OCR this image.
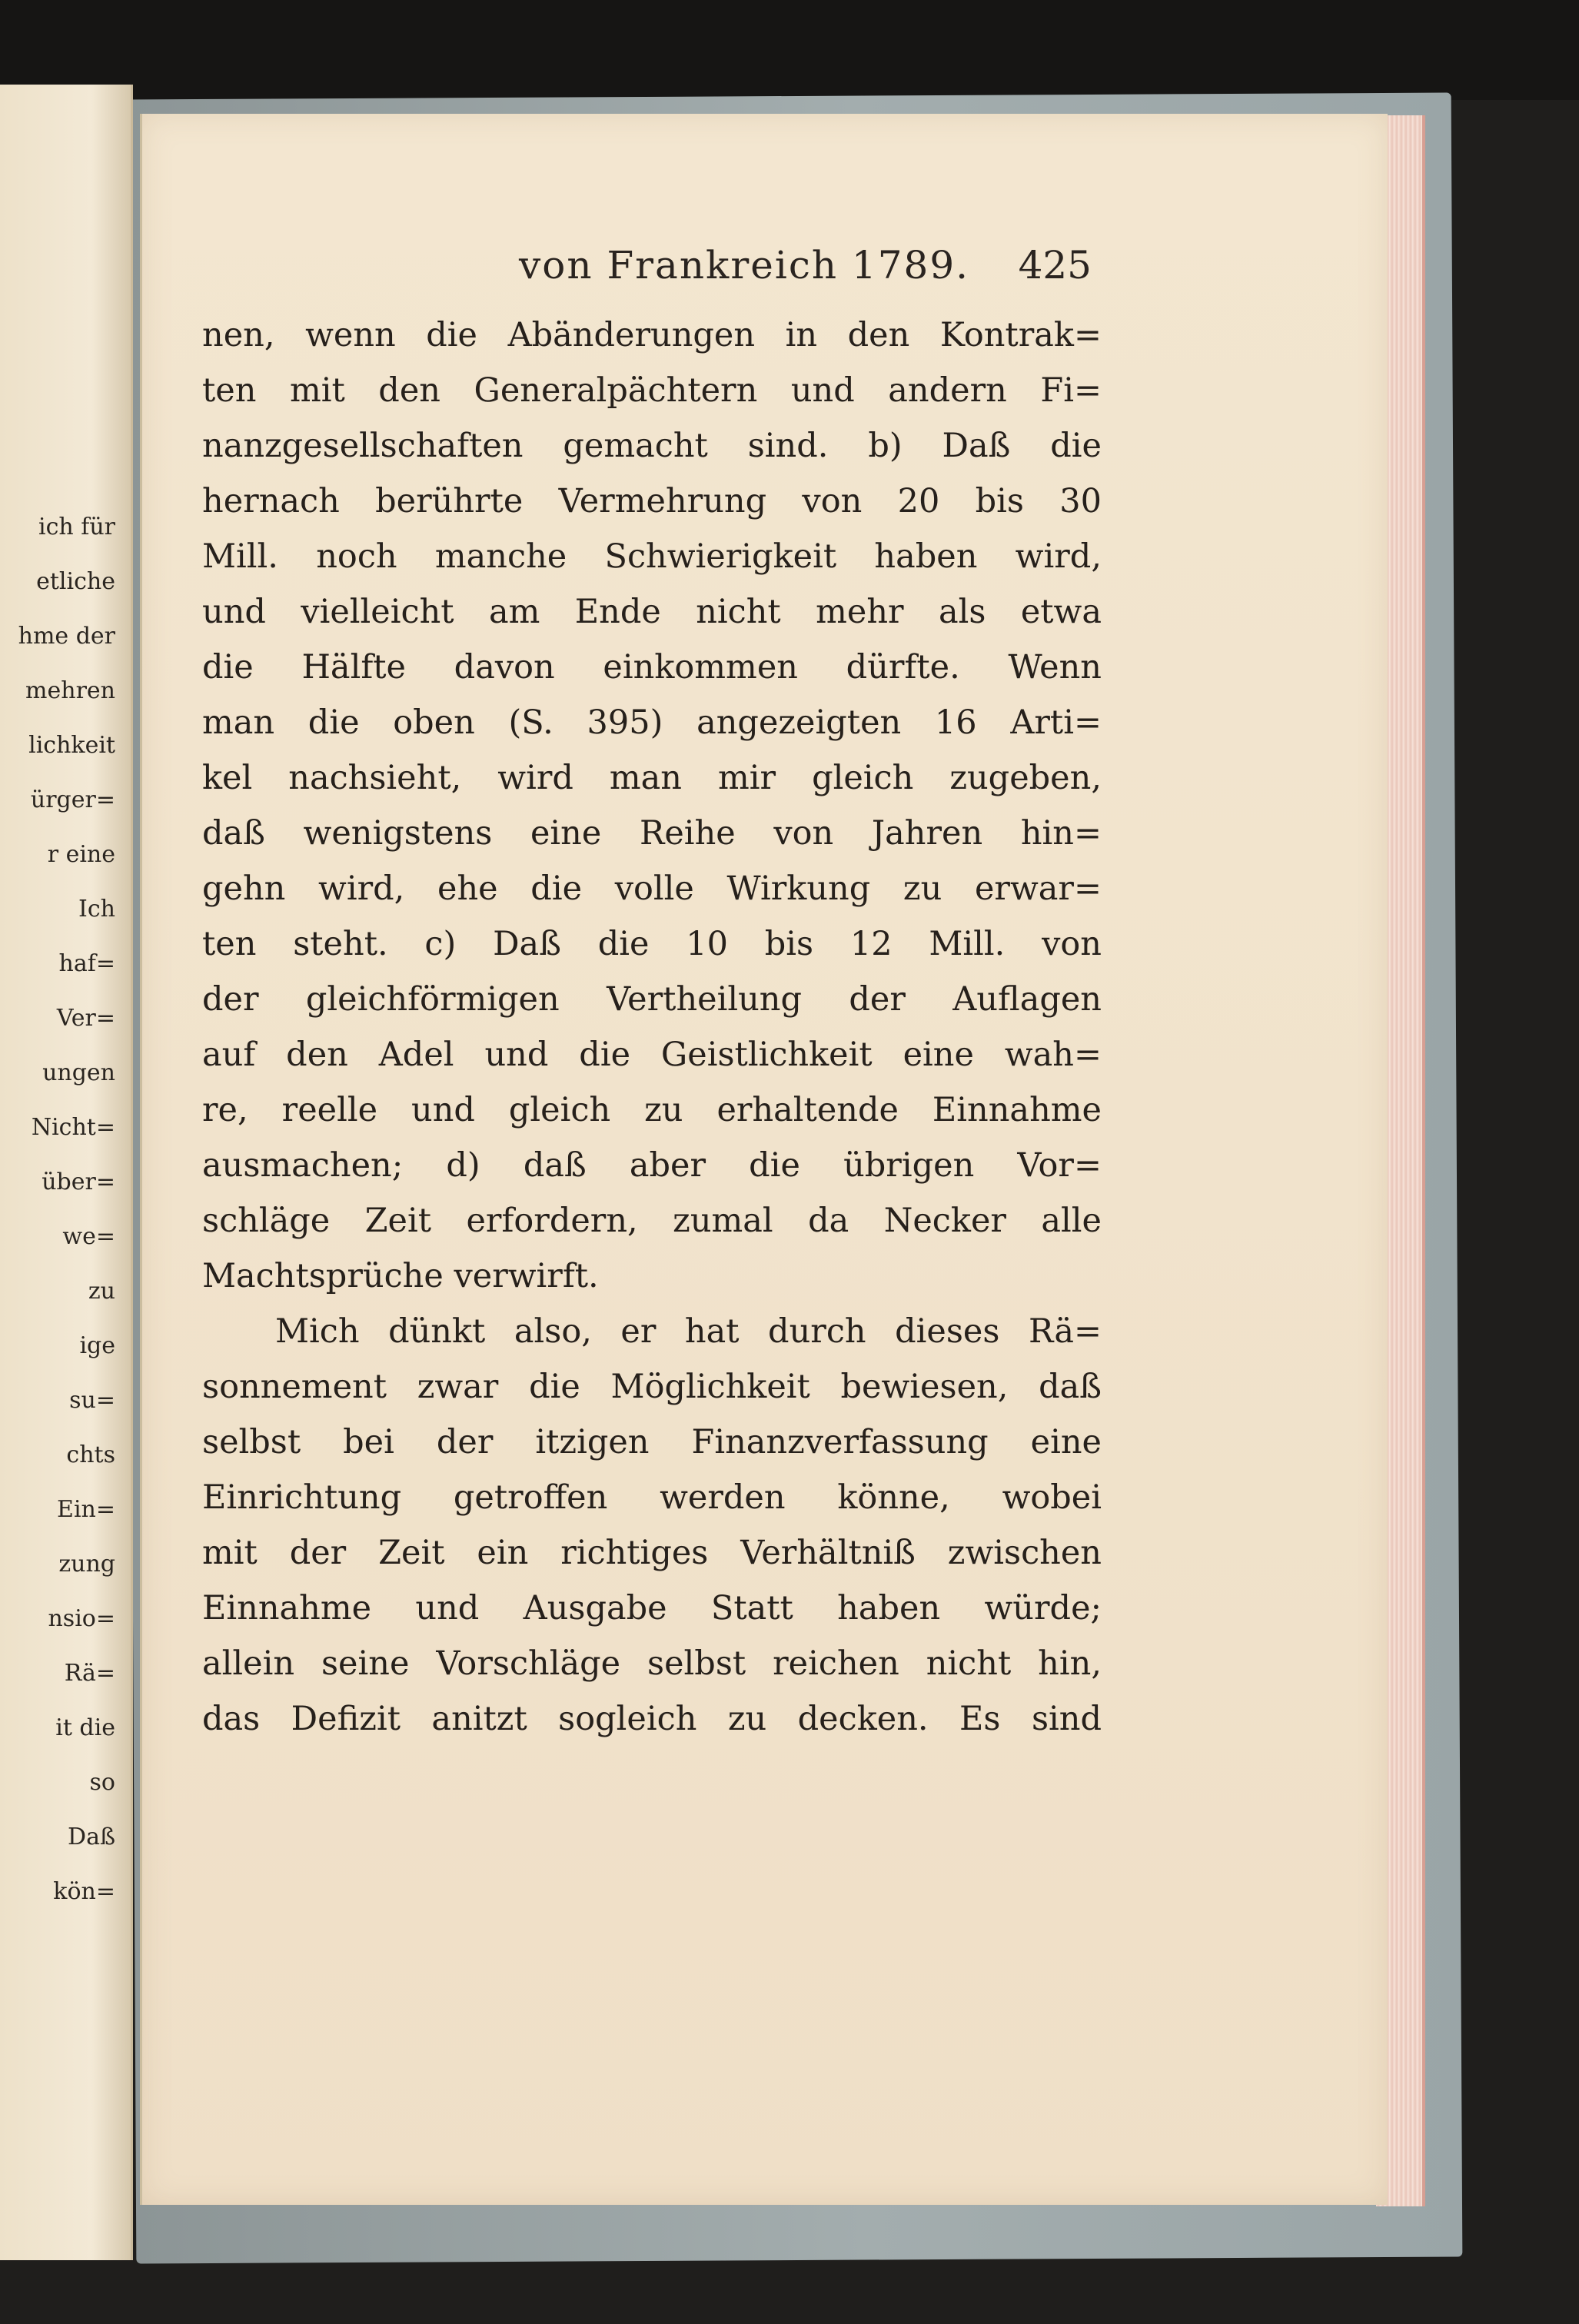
ich für
etliche
hme der
mehren
lichkeit
ürger=
r eine
Ich
haf=
Ver=
ungen
Nicht=
über=
we=
zu
ige
su=
chts
Ein=
zung
nsio=
Rä=
it die
so
Daß
kön=
von Frankreich 1789. 425
nen, wenn die Abänderungen in den Kontrak=
ten mit den Generalpächtern und andern Fi=
nanzgesellschaften gemacht sind. b) Daß die
hernach berührte Vermehrung von 20 bis 30
Mill. noch manche Schwierigkeit haben wird,
und vielleicht am Ende nicht mehr als etwa
die Hälfte davon einkommen dürfte. Wenn
man die oben (S. 395) angezeigten 16 Arti=
kel nachsieht, wird man mir gleich zugeben,
daß wenigstens eine Reihe von Jahren hin=
gehn wird, ehe die volle Wirkung zu erwar=
ten steht. c) Daß die 10 bis 12 Mill. von
der gleichförmigen Vertheilung der Auflagen
auf den Adel und die Geistlichkeit eine wah=
re, reelle und gleich zu erhaltende Einnahme
ausmachen; d) daß aber die übrigen Vor=
schläge Zeit erfordern, zumal da Necker alle
Machtsprüche verwirft.
Mich dünkt also, er hat durch dieses Rä=
sonnement zwar die Möglichkeit bewiesen, daß
selbst bei der itzigen Finanzverfassung eine
Einrichtung getroffen werden könne, wobei
mit der Zeit ein richtiges Verhältniß zwischen
Einnahme und Ausgabe Statt haben würde;
allein seine Vorschläge selbst reichen nicht hin,
das Defizit anitzt sogleich zu decken. Es sind
